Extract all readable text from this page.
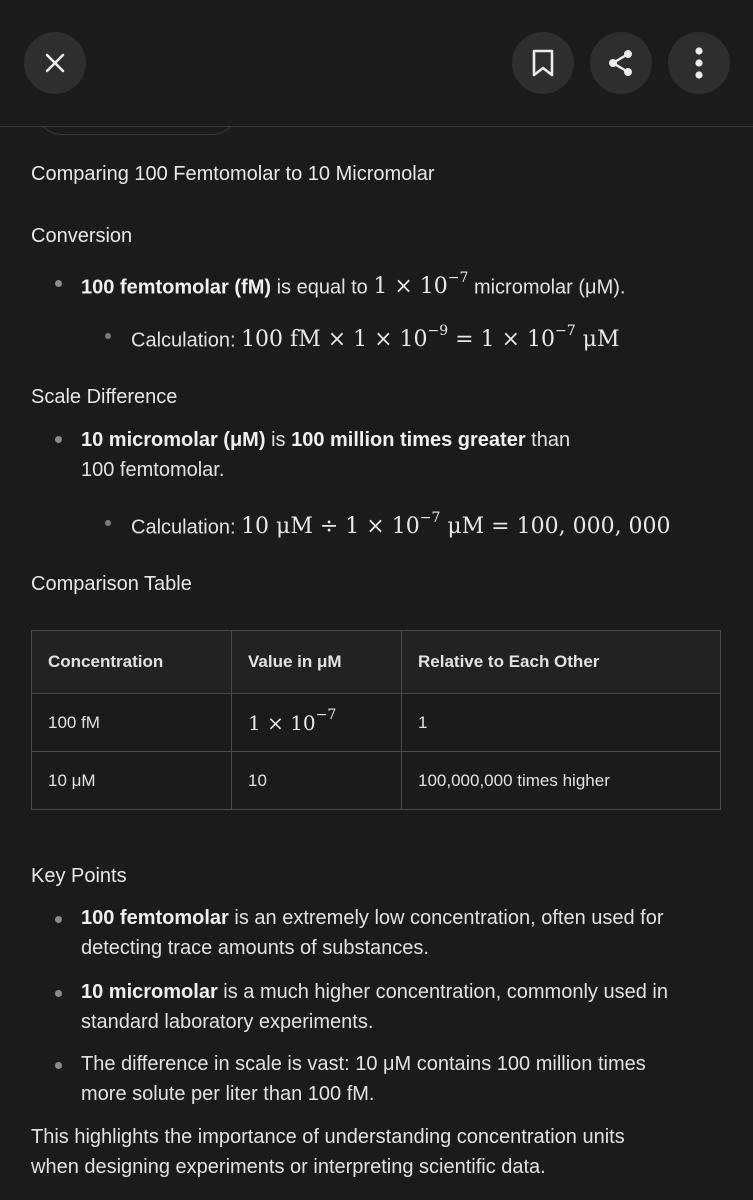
Comparing 100 Femtomolar to 10 Micromolar
Conversion
100 femtomolar (fM) is equal to $1 \times 10^{-7}$ micromolar (μM).
Calculation: 100 fM × $1 \times 10^{-9} = 1 \times 10^{-7}$ μM
Scale Difference
10 micromolar (μM) is 100 million times greater than
100 femtomolar.
Calculation: 10 $\mu M \div 1 \times 10^{-7}$ μM = 100, 000, 000
Comparison Table
Concentration	Value in μM	Relative to Each Other
100 fM	$1 \times 10^{-7}$	1
10 μM	10	100,000,000 times higher
Key Points
100 femtomolar is an extremely low concentration, often used for
detecting trace amounts of substances.
10 micromolar is a much higher concentration, commonly used in
standard laboratory experiments.
The difference in scale is vast: 10 μM contains 100 million times
more solute per liter than 100 fM.
This highlights the importance of understanding concentration units
when designing experiments or interpreting scientific data.
